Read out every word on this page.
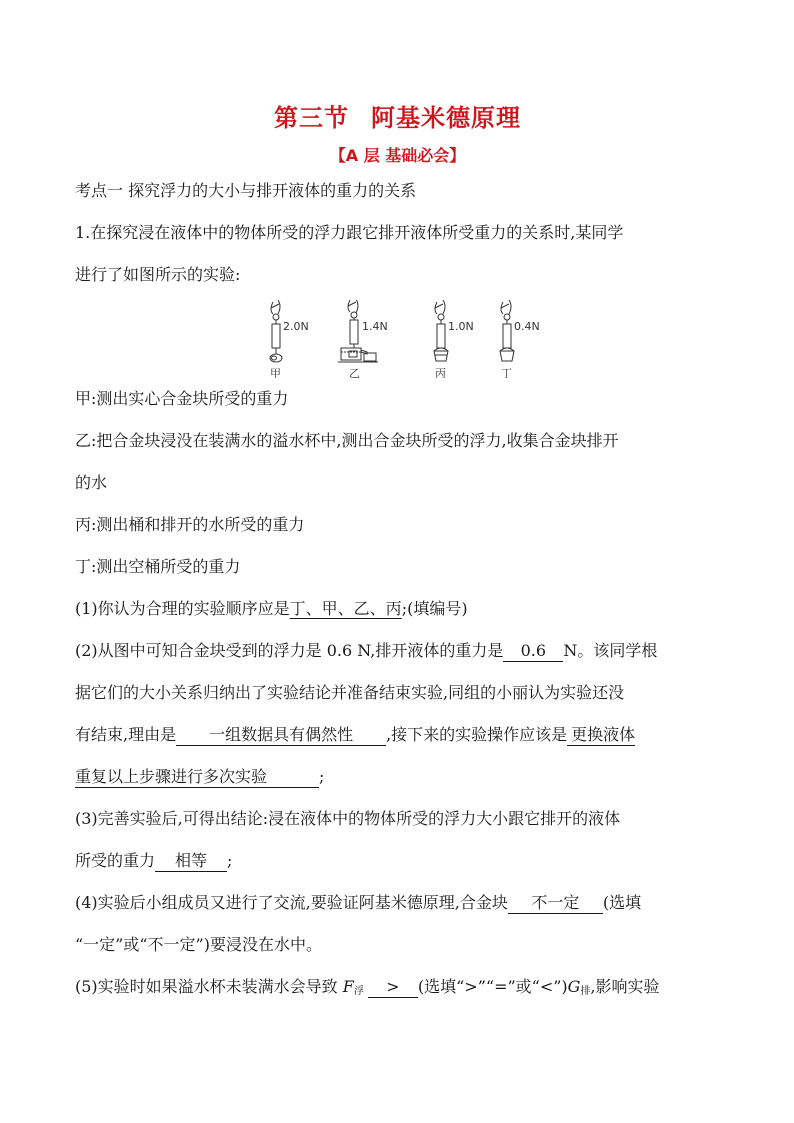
第三节 阿基米德原理
【A 层 基础必会】
考点一 探究浮力的大小与排开液体的重力的关系
1.在探究浸在液体中的物体所受的浮力跟它排开液体所受重力的关系时,某同学
进行了如图所示的实验:
2.0N	1.4N	1.0N	0.4N
甲	乙	丙	丁
甲:测出实心合金块所受的重力
乙:把合金块浸没在装满水的溢水杯中,测出合金块所受的浮力,收集合金块排开
的水
丙:测出桶和排开的水所受的重力
丁:测出空桶所受的重力
(1)你认为合理的实验顺序应是丁、甲、乙、丙;(填编号)
(2)从图中可知合金块受到的浮力是 0.6 N,排开液体的重力是 0.6 N。该同学根
据它们的大小关系归纳出了实验结论并准备结束实验,同组的小丽认为实验还没
有结束,理由是 一组数据具有偶然性 ,接下来的实验操作应该是 更换液体
重复以上步骤进行多次实验	;
(3)完善实验后,可得出结论:浸在液体中的物体所受的浮力大小跟它排开的液体
所受的重力 相等 ;
(4)实验后小组成员又进行了交流,要验证阿基米德原理,合金块 不一定 (选填
“一定”或“不一定”)要浸没在水中。
(5)实验时如果溢水杯未装满水会导致 $F_浮$ > (选填“>”“=”或“$<”)G_排$,影响实验
